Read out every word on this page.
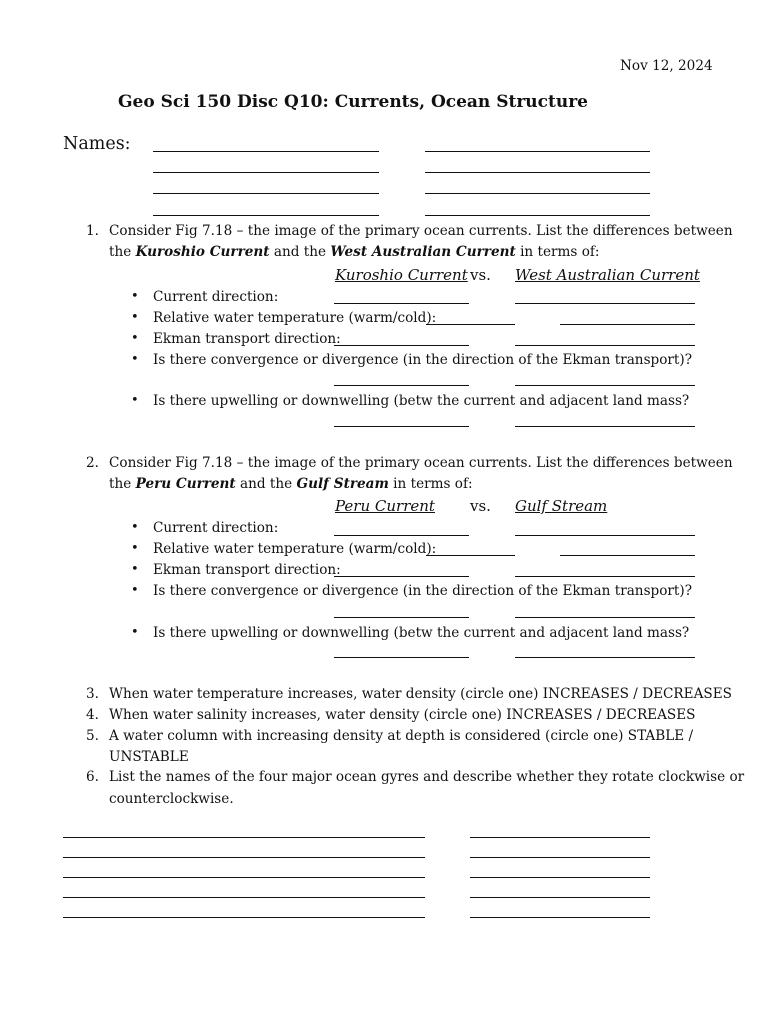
Nov 12, 2024
Geo Sci 150 Disc Q10: Currents, Ocean Structure
Names:
1. Consider Fig 7.18 – the image of the primary ocean currents. List the differences between
the Kuroshio Current and the West Australian Current in terms of:
Kuroshio Current vs. West Australian Current
• Current direction:
• Relative water temperature (warm/cold):
• Ekman transport direction:
• Is there convergence or divergence (in the direction of the Ekman transport)?
• Is there upwelling or downwelling (betw the current and adjacent land mass?
2. Consider Fig 7.18 – the image of the primary ocean currents. List the differences between
the Peru Current and the Gulf Stream in terms of:
Peru Current vs. Gulf Stream
• Current direction:
• Relative water temperature (warm/cold):
• Ekman transport direction:
• Is there convergence or divergence (in the direction of the Ekman transport)?
• Is there upwelling or downwelling (betw the current and adjacent land mass?
3. When water temperature increases, water density (circle one) INCREASES / DECREASES
4. When water salinity increases, water density (circle one) INCREASES / DECREASES
5. A water column with increasing density at depth is considered (circle one) STABLE /
UNSTABLE
6. List the names of the four major ocean gyres and describe whether they rotate clockwise or
counterclockwise.
